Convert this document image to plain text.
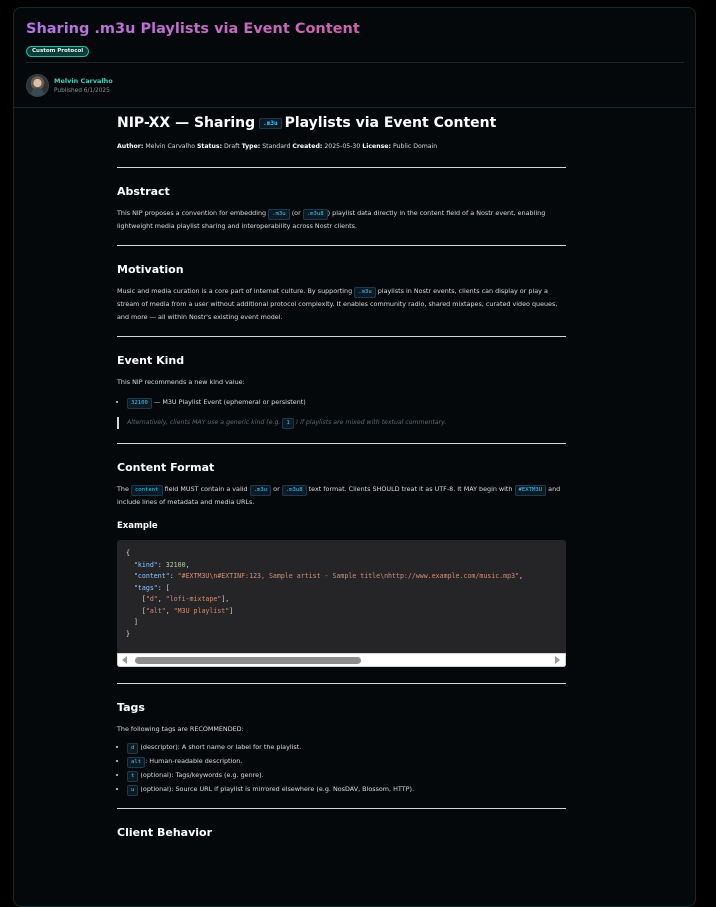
Sharing .m3u Playlists via Event Content
Custom Protocol
Melvin Carvalho
Published 6/1/2025
NIP-XX — Sharing	.m3u Playlists via Event Content
Author: Melvin Carvalho Status: Draft Type: Standard Created: 2025-05-30 License: Public Domain
Abstract

This NIP proposes a convention for embedding .m3u (or .m3u8 ) playlist data directly in the content field of a Nostr event, enabling lightweight media playlist sharing and interoperability across Nostr clients.

Motivation

Music and media curation is a core part of internet culture. By supporting .m3u playlists in Nostr events, clients can display or play a stream of media from a user without additional protocol complexity. It enables community radio, shared mixtapes, curated video queues, and more — all within Nostr's existing event model.

Event Kind

This NIP recommends a new kind value:

• 32100 — M3U Playlist Event (ephemeral or persistent)
Alternatively, clients MAY use a generic kind (e.g. 1 ) if playlists are mixed with textual commentary.
Content Format

The content field MUST contain a valid .m3u or .m3u8 text format. Clients SHOULD treat it as UTF-8. It MAY begin with #EXTM3U and include lines of metadata and media URLs.

Example
{
"kind": 32100,
"content": "#EXTM3U\n#EXTINF:123, Sample artist - Sample title\nhttp://www.example.com/music.mp3",
"tags": [
["d", "lofi-mixtape"],
["alt", "M3U playlist"]
]
}
Tags

The following tags are RECOMMENDED:

• d (descriptor): A short name or label for the playlist.
• alt : Human-readable description.
• t (optional): Tags/keywords (e.g. genre).
• u (optional): Source URL if playlist is mirrored elsewhere (e.g. NosDAV, Blossom, HTTP).
Client Behavior
